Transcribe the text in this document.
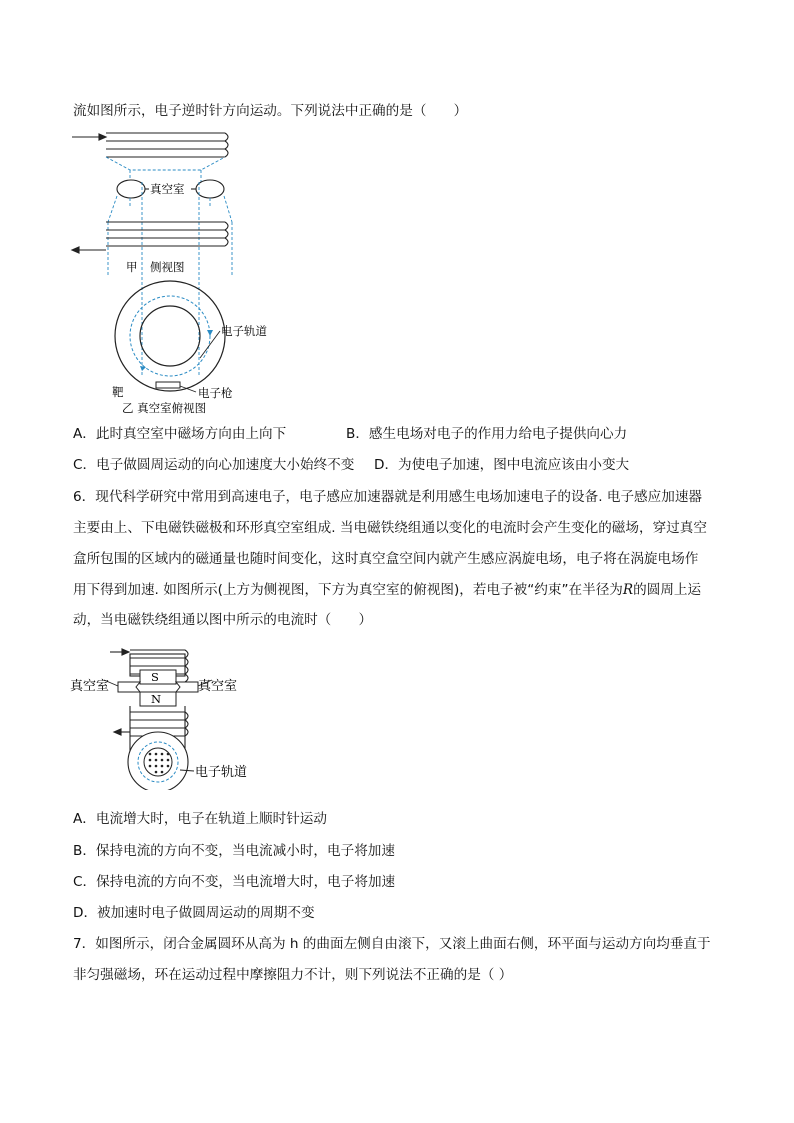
流如图所示，电子逆时针方向运动。下列说法中正确的是（　　）
真空室
甲 侧视图
电子轨道
靶	电子枪
乙 真空室俯视图
A．此时真空室中磁场方向由上向下	B．感生电场对电子的作用力给电子提供向心力
C．电子做圆周运动的向心加速度大小始终不变 D．为使电子加速，图中电流应该由小变大
6．现代科学研究中常用到高速电子，电子感应加速器就是利用感生电场加速电子的设备. 电子感应加速器
主要由上、下电磁铁磁极和环形真空室组成. 当电磁铁绕组通以变化的电流时会产生变化的磁场，穿过真空
盒所包围的区域内的磁通量也随时间变化，这时真空盒空间内就产生感应涡旋电场，电子将在涡旋电场作
用下得到加速. 如图所示(上方为侧视图，下方为真空室的俯视图)，若电子被“约束”在半径为R的圆周上运
动，当电磁铁绕组通以图中所示的电流时（　　）
S
真空室	真空室
N
电子轨道
A．电流增大时，电子在轨道上顺时针运动
B．保持电流的方向不变，当电流减小时，电子将加速
C．保持电流的方向不变，当电流增大时，电子将加速
D．被加速时电子做圆周运动的周期不变
7．如图所示，闭合金属圆环从高为 h 的曲面左侧自由滚下，又滚上曲面右侧，环平面与运动方向均垂直于
非匀强磁场，环在运动过程中摩擦阻力不计，则下列说法不正确的是（ ）
